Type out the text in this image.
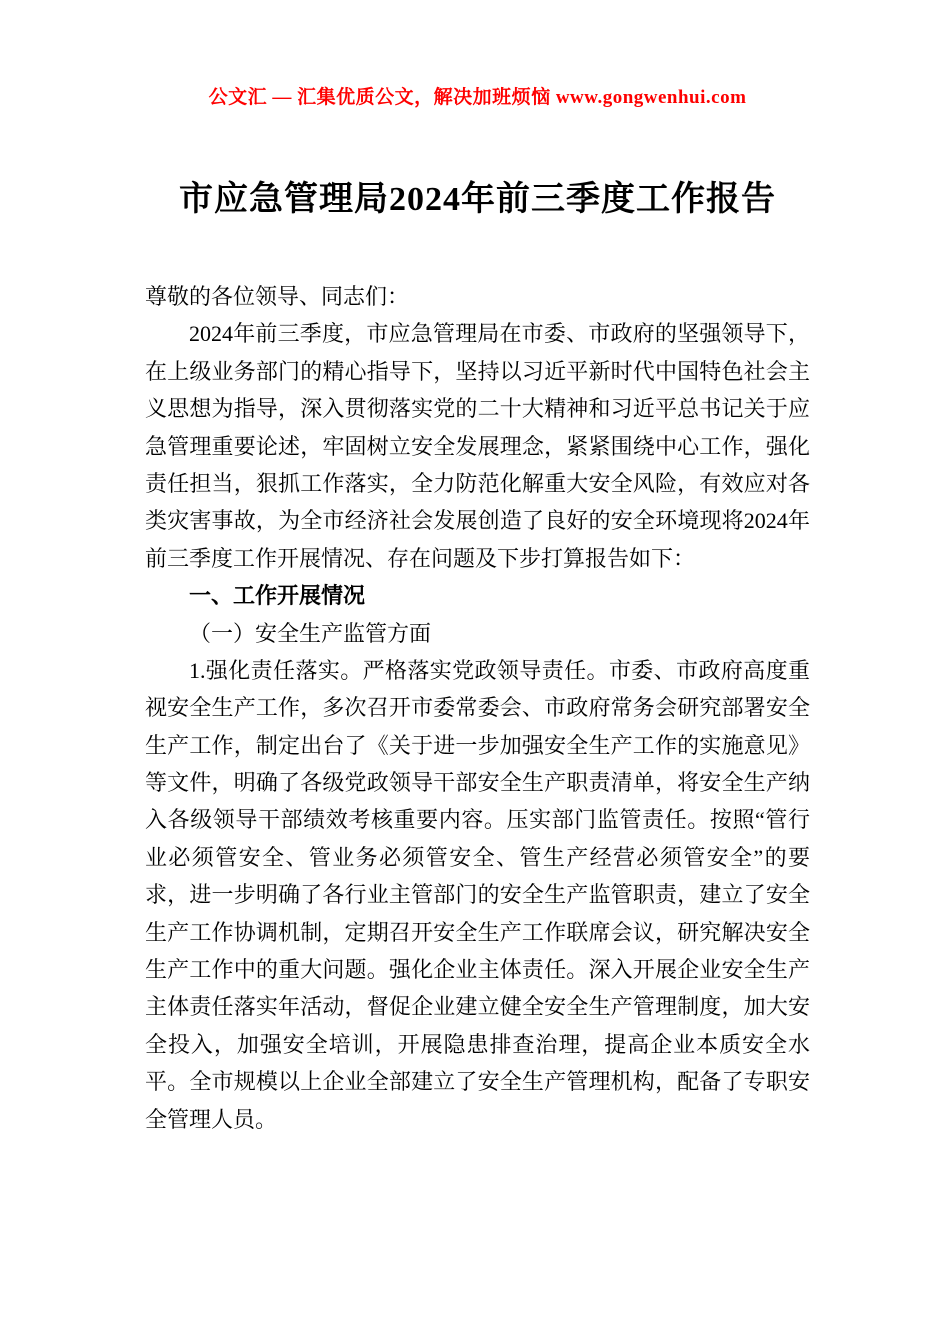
公文汇 — 汇集优质公文，解决加班烦恼 www.gongwenhui.com
市应急管理局2024年前三季度工作报告

尊敬的各位领导、同志们：

2024年前三季度，市应急管理局在市委、市政府的坚强领导下，在上级业务部门的精心指导下，坚持以习近平新时代中国特色社会主义思想为指导，深入贯彻落实党的二十大精神和习近平总书记关于应急管理重要论述，牢固树立安全发展理念，紧紧围绕中心工作，强化责任担当，狠抓工作落实，全力防范化解重大安全风险，有效应对各类灾害事故，为全市经济社会发展创造了良好的安全环境现将2024年前三季度工作开展情况、存在问题及下步打算报告如下：

一、工作开展情况

（一）安全生产监管方面

1.强化责任落实。严格落实党政领导责任。市委、市政府高度重视安全生产工作，多次召开市委常委会、市政府常务会研究部署安全生产工作，制定出台了《关于进一步加强安全生产工作的实施意见》等文件，明确了各级党政领导干部安全生产职责清单，将安全生产纳入各级领导干部绩效考核重要内容。压实部门监管责任。按照“管行业必须管安全、管业务必须管安全、管生产经营必须管安全”的要求，进一步明确了各行业主管部门的安全生产监管职责，建立了安全生产工作协调机制，定期召开安全生产工作联席会议，研究解决安全生产工作中的重大问题。强化企业主体责任。深入开展企业安全生产主体责任落实年活动，督促企业建立健全安全生产管理制度，加大安全投入，加强安全培训，开展隐患排查治理，提高企业本质安全水平。全市规模以上企业全部建立了安全生产管理机构，配备了专职安全管理人员。
